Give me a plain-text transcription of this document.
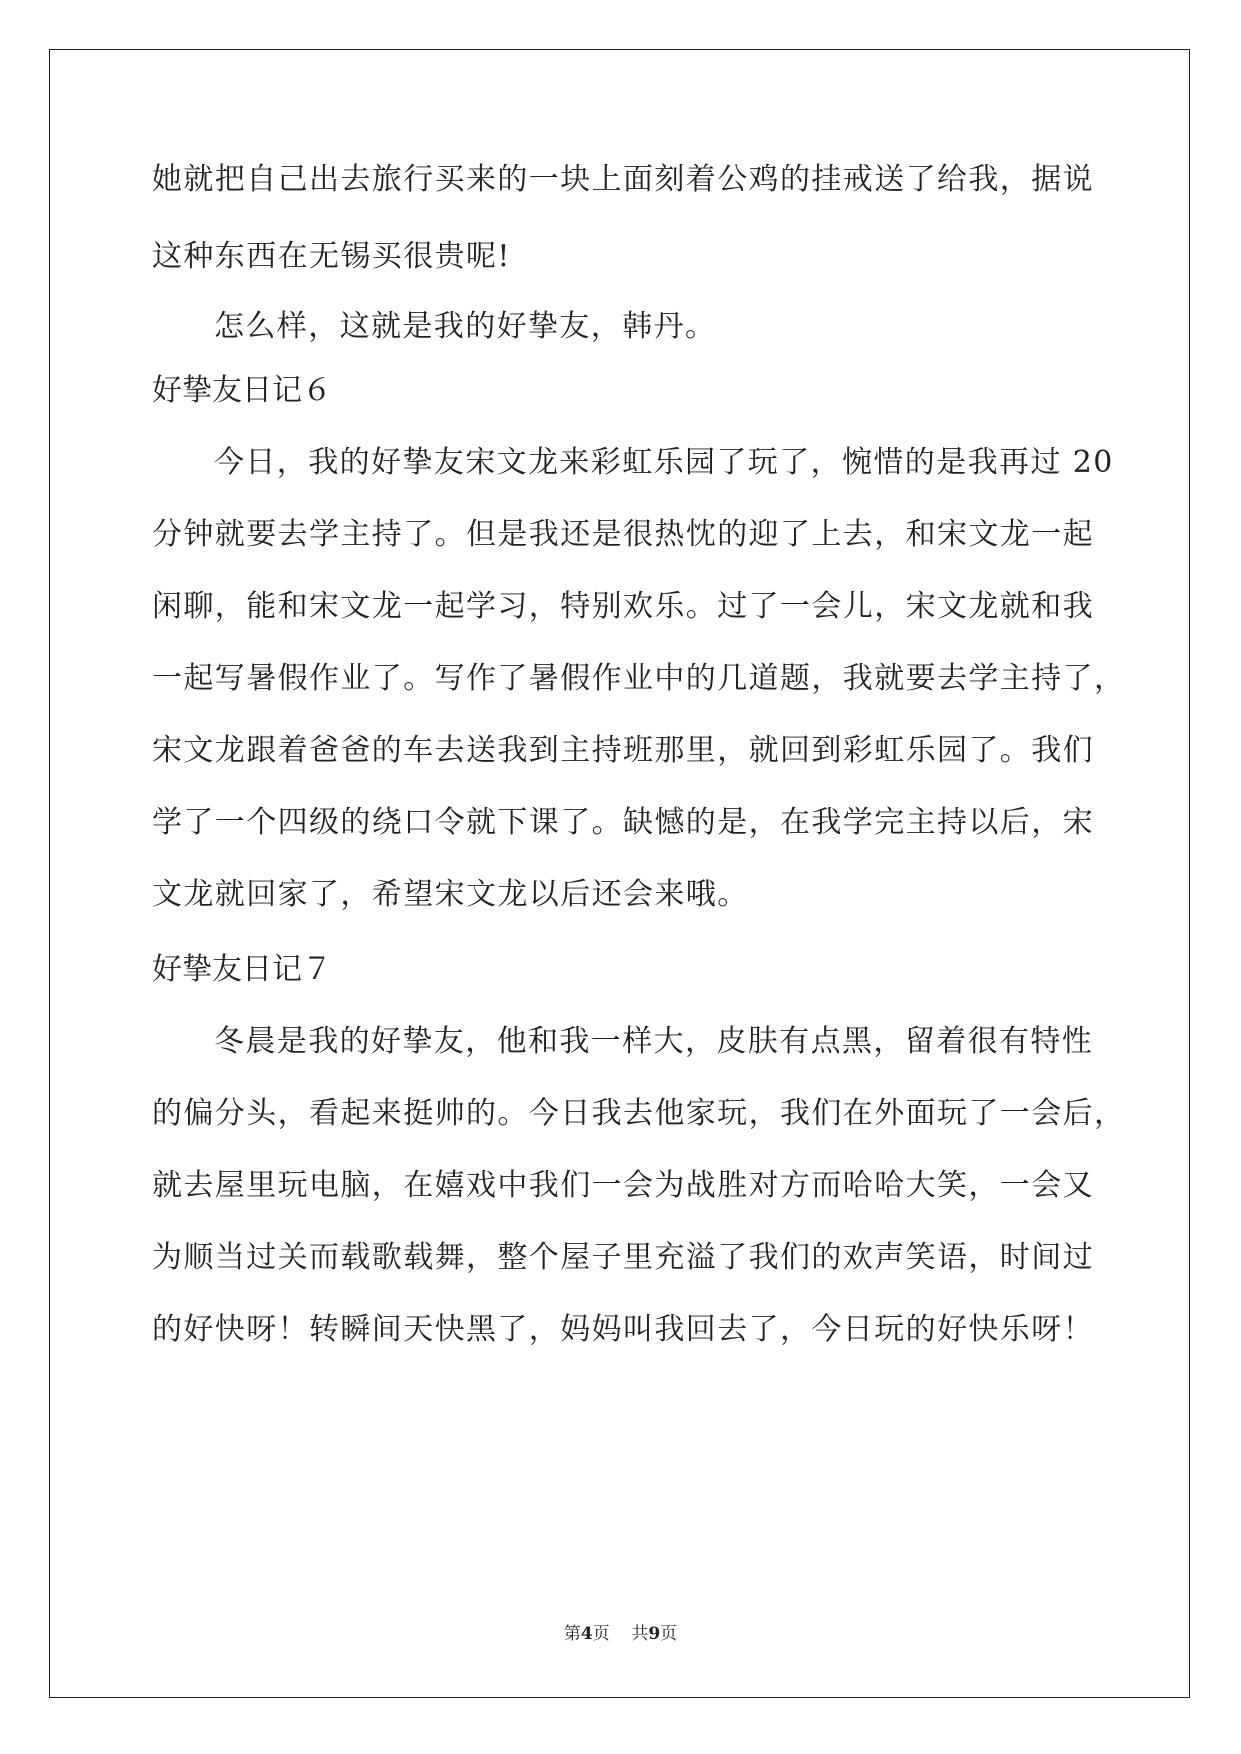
她就把自己出去旅行买来的一块上面刻着公鸡的挂戒送了给我，据说
这种东西在无锡买很贵呢!
怎么样，这就是我的好挚友，韩丹。
好挚友日记６
今日，我的好挚友宋文龙来彩虹乐园了玩了，惋惜的是我再过 20
分钟就要去学主持了。但是我还是很热忱的迎了上去，和宋文龙一起
闲聊，能和宋文龙一起学习，特别欢乐。过了一会儿，宋文龙就和我
一起写暑假作业了。写作了暑假作业中的几道题，我就要去学主持了，
宋文龙跟着爸爸的车去送我到主持班那里，就回到彩虹乐园了。我们
学了一个四级的绕口令就下课了。缺憾的是，在我学完主持以后，宋
文龙就回家了，希望宋文龙以后还会来哦。
好挚友日记７
冬晨是我的好挚友，他和我一样大，皮肤有点黑，留着很有特性
的偏分头，看起来挺帅的。今日我去他家玩，我们在外面玩了一会后，
就去屋里玩电脑，在嬉戏中我们一会为战胜对方而哈哈大笑，一会又
为顺当过关而载歌载舞，整个屋子里充溢了我们的欢声笑语，时间过
的好快呀！转瞬间天快黑了，妈妈叫我回去了，今日玩的好快乐呀！
第4页 共9页
